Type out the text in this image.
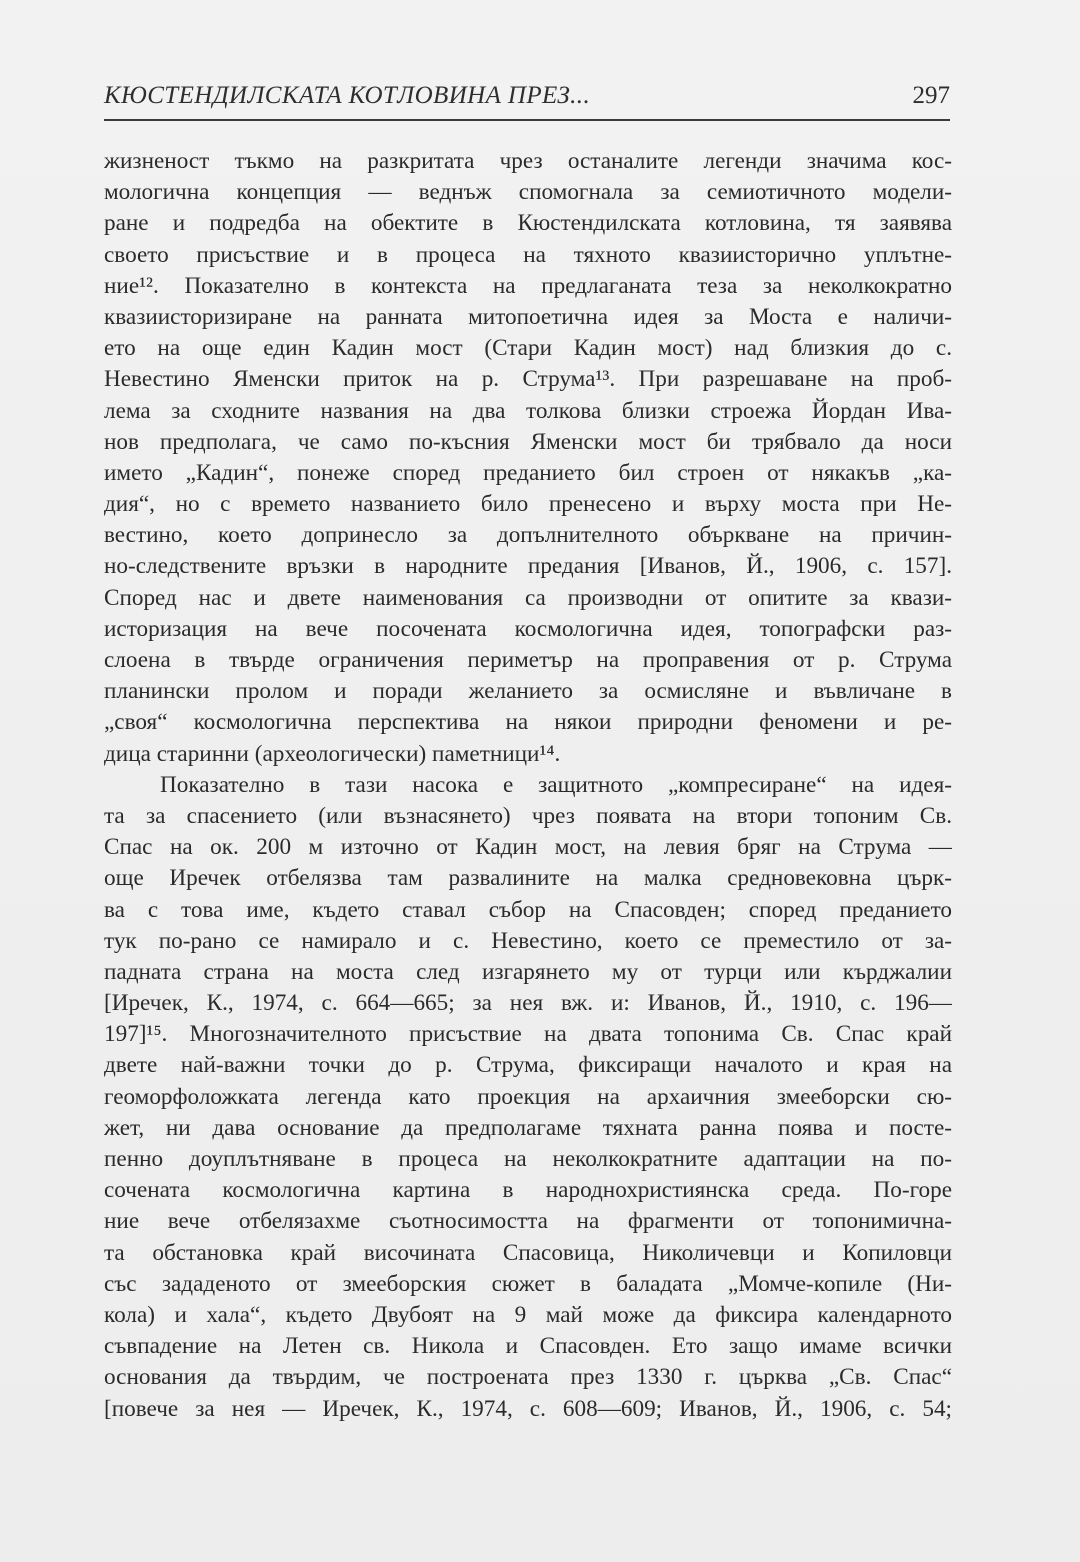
КЮСТЕНДИЛСКАТА КОТЛОВИНА ПРЕЗ...	297
жизненост тъкмо на разкритата чрез останалите легенди значима кос-
мологична концепция — веднъж спомогнала за семиотичното модели-
ране и подредба на обектите в Кюстендилската котловина, тя заявява
своето присъствие и в процеса на тяхното квазиисторично уплътне-
ние¹². Показателно в контекста на предлаганата теза за неколкократно
квазиисторизиране на ранната митопоетична идея за Моста е наличи-
ето на още един Кадин мост (Стари Кадин мост) над близкия до с.
Невестино Яменски приток на р. Струма¹³. При разрешаване на проб-
лема за сходните названия на два толкова близки строежа Йордан Ива-
нов предполага, че само по-късния Яменски мост би трябвало да носи
името „Кадин“, понеже според преданието бил строен от някакъв „ка-
дия“, но с времето названието било пренесено и върху моста при Не-
вестино, което допринесло за допълнителното объркване на причин-
но-следствените връзки в народните предания [Иванов, Й., 1906, с. 157].
Според нас и двете наименования са производни от опитите за квази-
историзация на вече посочената космологична идея, топографски раз-
слоена в твърде ограничения периметър на проправения от р. Струма
планински пролом и поради желанието за осмисляне и въвличане в
„своя“ космологична перспектива на някои природни феномени и ре-
дица старинни (археологически) паметници¹⁴.
Показателно в тази насока е защитното „компресиране“ на идея-
та за спасението (или възнасянето) чрез появата на втори топоним Св.
Спас на ок. 200 м източно от Кадин мост, на левия бряг на Струма —
още Иречек отбелязва там развалините на малка средновековна църк-
ва с това име, където ставал събор на Спасовден; според преданието
тук по-рано се намирало и с. Невестино, което се преместило от за-
падната страна на моста след изгарянето му от турци или кърджалии
[Иречек, К., 1974, с. 664—665; за нея вж. и: Иванов, Й., 1910, с. 196—
197]¹⁵. Многозначителното присъствие на двата топонима Св. Спас край
двете най-важни точки до р. Струма, фиксиращи началото и края на
геоморфоложката легенда като проекция на архаичния змееборски сю-
жет, ни дава основание да предполагаме тяхната ранна поява и посте-
пенно доуплътняване в процеса на неколкократните адаптации на по-
сочената космологична картина в народнохристиянска среда. По-горе
ние вече отбелязахме съотносимостта на фрагменти от топонимична-
та обстановка край височината Спасовица, Николичевци и Копиловци
със зададеното от змееборския сюжет в баладата „Момче-копиле (Ни-
кола) и хала“, където Двубоят на 9 май може да фиксира календарното
съвпадение на Летен св. Никола и Спасовден. Ето защо имаме всички
основания да твърдим, че построената през 1330 г. църква „Св. Спас“
[повече за нея — Иречек, К., 1974, с. 608—609; Иванов, Й., 1906, с. 54;
